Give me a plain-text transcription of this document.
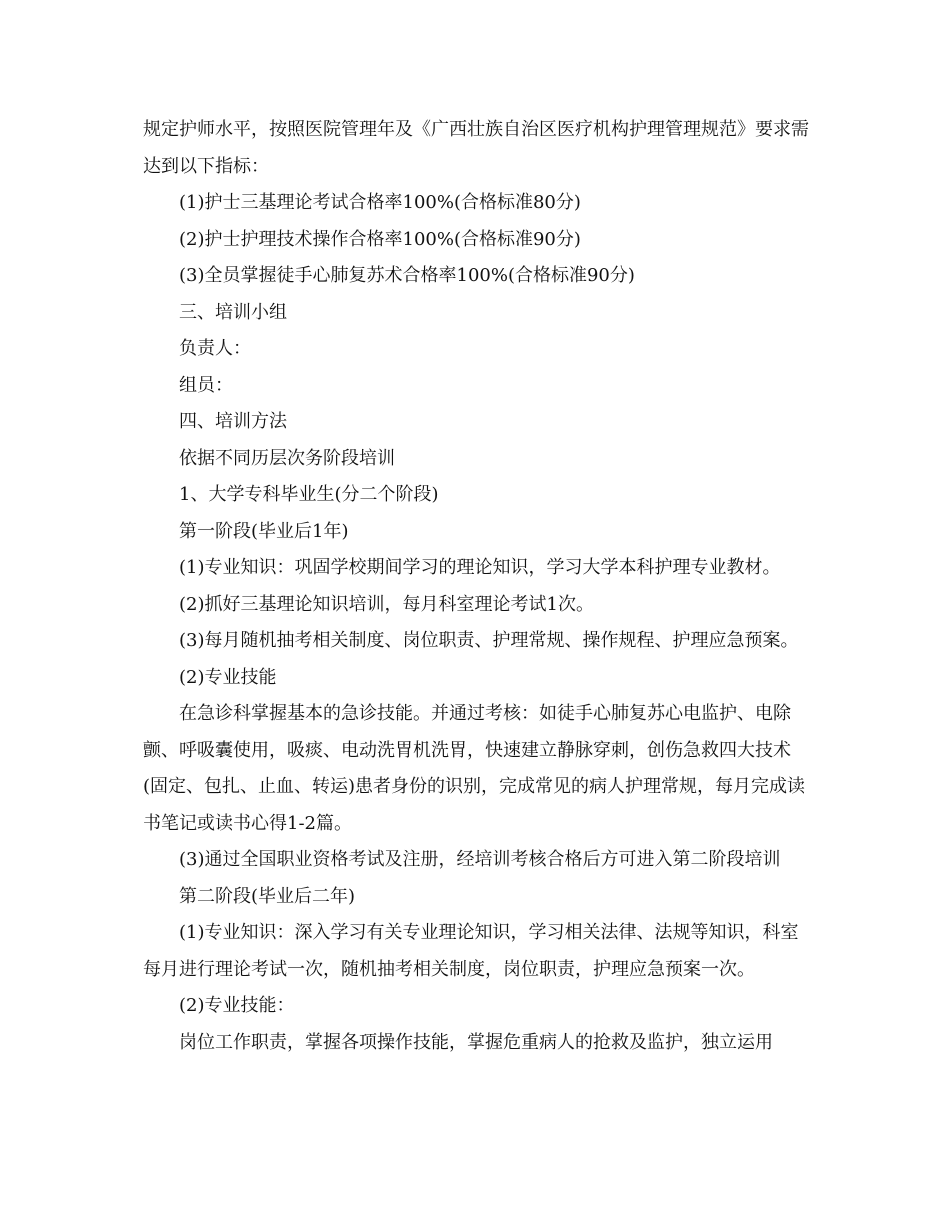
规定护师水平，按照医院管理年及《广西壮族自治区医疗机构护理管理规范》要求需达到以下指标：

(1)护士三基理论考试合格率100%(合格标准80分)

(2)护士护理技术操作合格率100%(合格标准90分)

(3)全员掌握徒手心肺复苏术合格率100%(合格标准90分)

三、培训小组

负责人：

组员：

四、培训方法

依据不同历层次务阶段培训

1、大学专科毕业生(分二个阶段)

第一阶段(毕业后1年)

(1)专业知识：巩固学校期间学习的理论知识，学习大学本科护理专业教材。

(2)抓好三基理论知识培训，每月科室理论考试1次。

(3)每月随机抽考相关制度、岗位职责、护理常规、操作规程、护理应急预案。

(2)专业技能

在急诊科掌握基本的急诊技能。并通过考核：如徒手心肺复苏心电监护、电除颤、呼吸囊使用，吸痰、电动洗胃机洗胃，快速建立静脉穿刺，创伤急救四大技术(固定、包扎、止血、转运)患者身份的识别，完成常见的病人护理常规，每月完成读书笔记或读书心得1-2篇。

(3)通过全国职业资格考试及注册，经培训考核合格后方可进入第二阶段培训

第二阶段(毕业后二年)

(1)专业知识：深入学习有关专业理论知识，学习相关法律、法规等知识，科室每月进行理论考试一次，随机抽考相关制度，岗位职责，护理应急预案一次。

(2)专业技能：

岗位工作职责，掌握各项操作技能，掌握危重病人的抢救及监护，独立运用
